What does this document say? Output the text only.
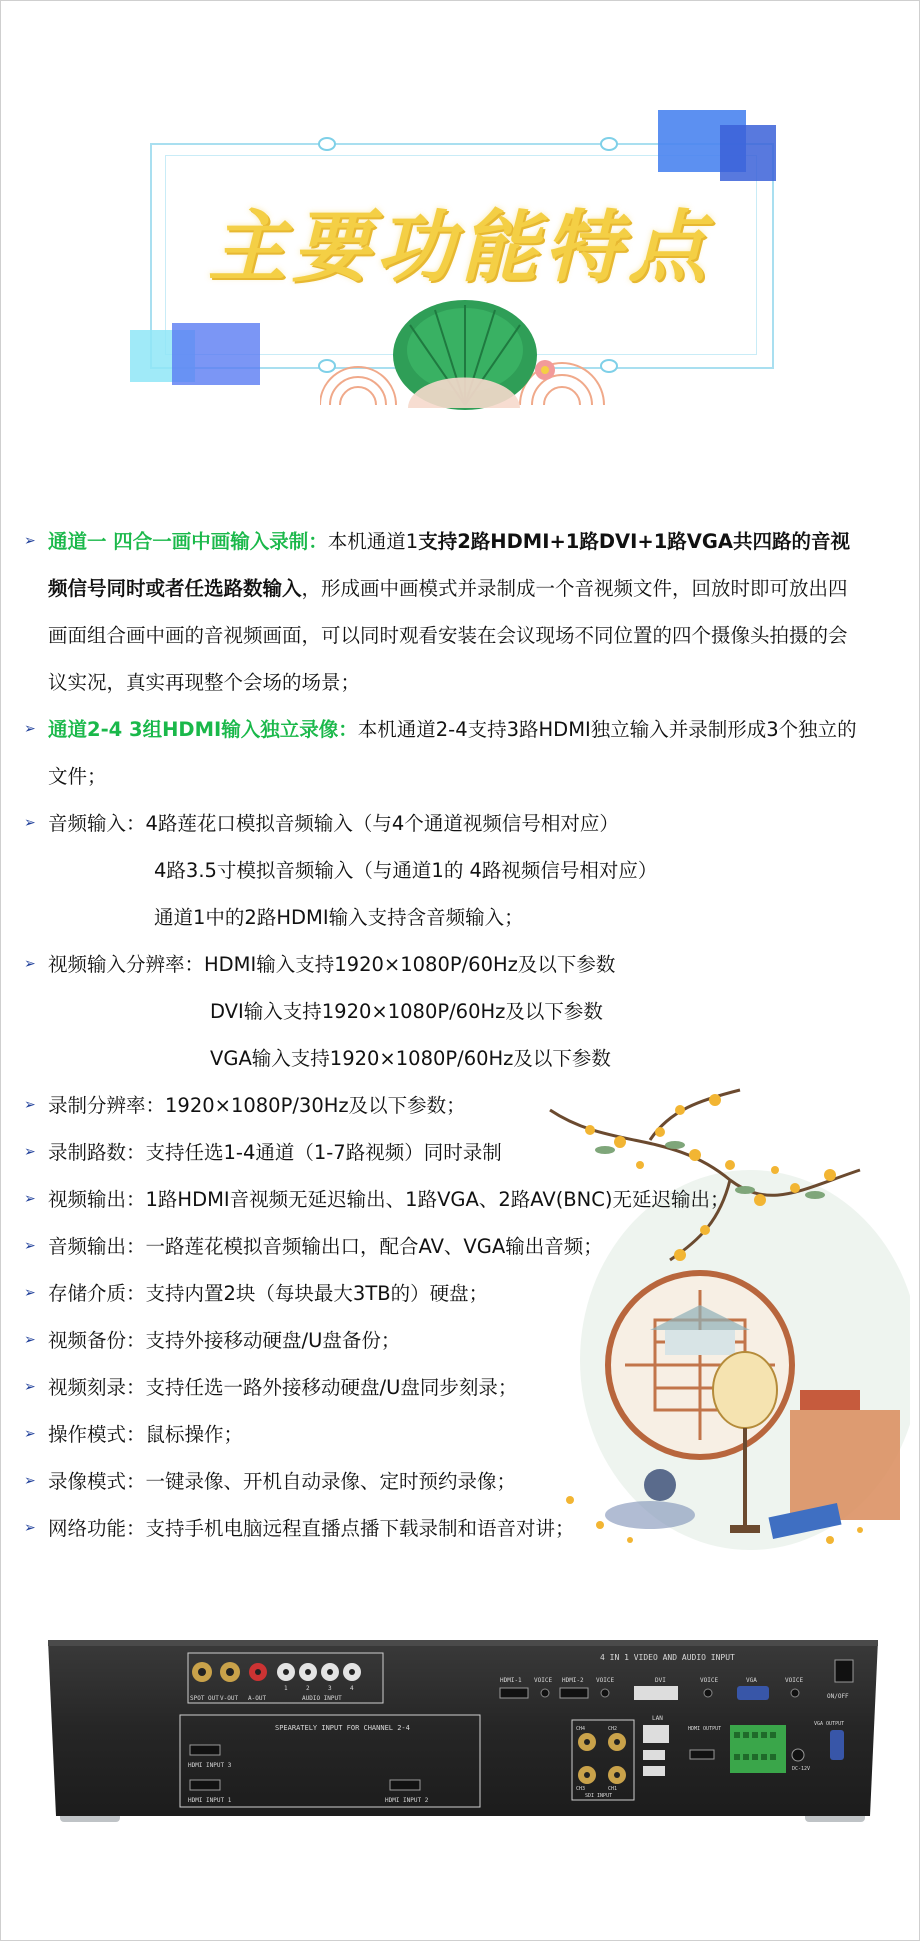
主要功能特点
➢ 通道一 四合一画中画输入录制：本机通道1支持2路HDMI+1路DVI+1路VGA共四路的音视
频信号同时或者任选路数输入，形成画中画模式并录制成一个音视频文件，回放时即可放出四
画面组合画中画的音视频画面，可以同时观看安装在会议现场不同位置的四个摄像头拍摄的会
议实况，真实再现整个会场的场景；
➢ 通道2-4 3组HDMI输入独立录像：本机通道2-4支持3路HDMI独立输入并录制形成3个独立的
文件；
➢ 音频输入：4路莲花口模拟音频输入（与4个通道视频信号相对应）
4路3.5寸模拟音频输入（与通道1的 4路视频信号相对应）
通道1中的2路HDMI输入支持含音频输入；
➢ 视频输入分辨率：HDMI输入支持1920×1080P/60Hz及以下参数
DVI输入支持1920×1080P/60Hz及以下参数
VGA输入支持1920×1080P/60Hz及以下参数
➢ 录制分辨率：1920×1080P/30Hz及以下参数；
➢ 录制路数：支持任选1-4通道（1-7路视频）同时录制
➢ 视频输出：1路HDMI音视频无延迟输出、1路VGA、2路AV(BNC)无延迟输出；
➢ 音频输出：一路莲花模拟音频输出口，配合AV、VGA输出音频；
➢ 存储介质：支持内置2块（每块最大3TB的）硬盘；
➢ 视频备份：支持外接移动硬盘/U盘备份；
➢ 视频刻录：支持任选一路外接移动硬盘/U盘同步刻录；
➢ 操作模式：鼠标操作；
➢ 录像模式：一键录像、开机自动录像、定时预约录像；
➢ 网络功能：支持手机电脑远程直播点播下载录制和语音对讲；
SPOT OUT V-OUT A-OUT
1	2	3	4
AUDIO INPUT
SPEARATELY INPUT FOR CHANNEL 2-4
HDMI INPUT 3
HDMI INPUT 1	HDMI INPUT 2
4 IN 1 VIDEO AND AUDIO INPUT
HDMI-1 VOICE HDMI-2 VOICE	DVI	VOICE	VGA	VOICE
ON/OFF
LAN
CH4	CH2
CH3	CH1
SDI INPUT
HDMI OUTPUT
DC-12V
VGA OUTPUT
